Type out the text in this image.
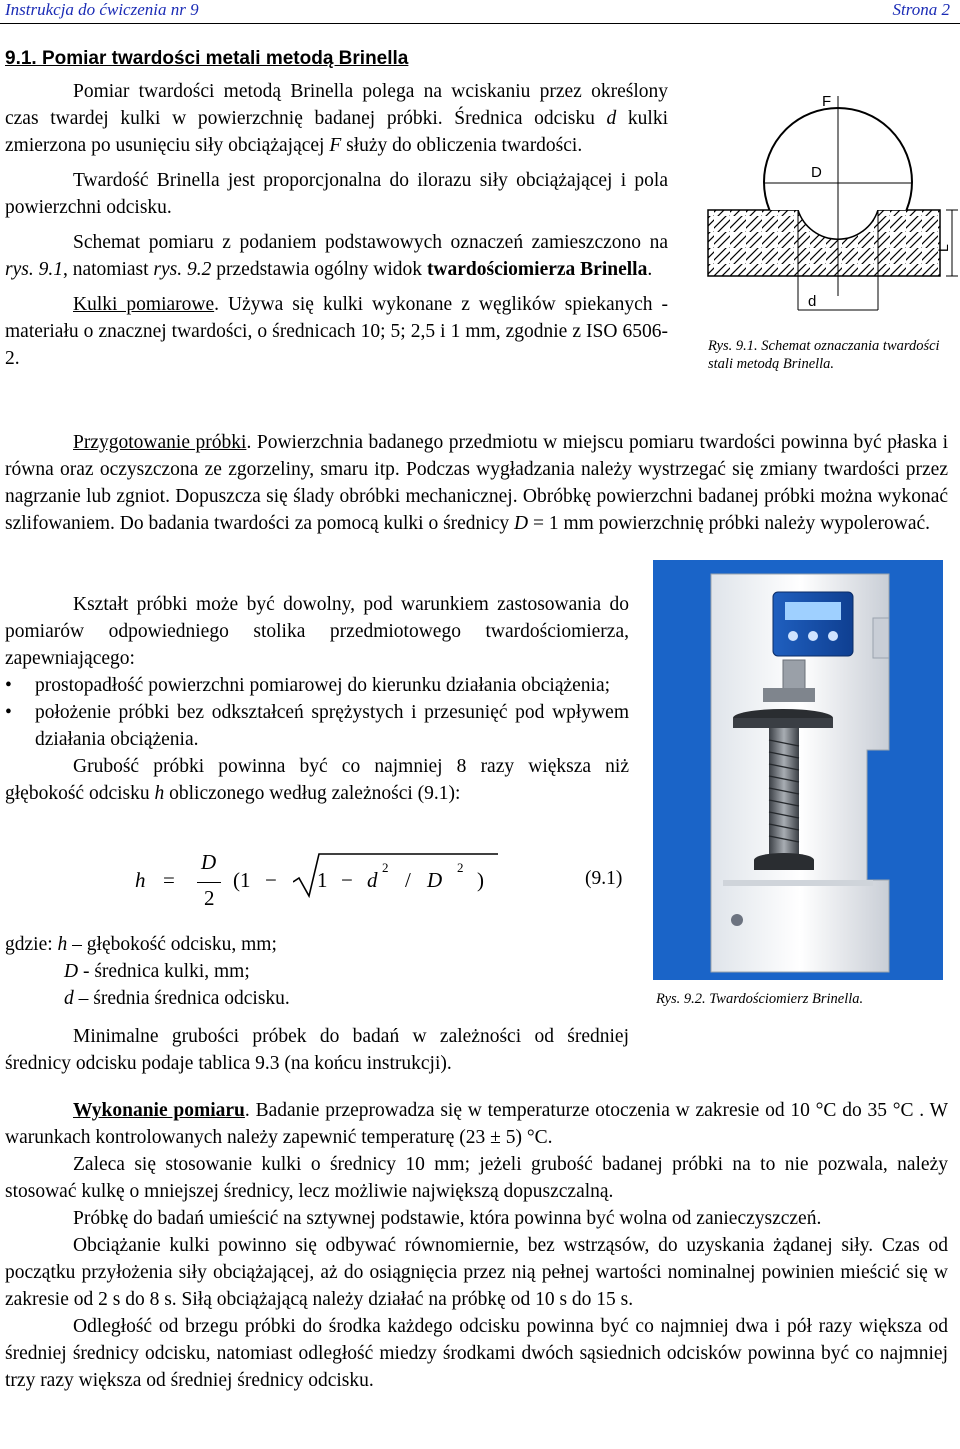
Instrukcja do ćwiczenia nr 9	Strona 2
9.1. Pomiar twardości metali metodą Brinella

Pomiar twardości metodą Brinella polega na wciskaniu przez określony czas twardej kulki w powierzchnię badanej próbki. Średnica odcisku d kulki zmierzona po usunięciu siły obciążającej F służy do obliczenia twardości.

Twardość Brinella jest proporcjonalna do ilorazu siły obciążającej i pola powierzchni odcisku.

Schemat pomiaru z podaniem podstawowych oznaczeń zamieszczono na rys. 9.1, natomiast rys. 9.2 przedstawia ogólny widok twardościomierza Brinella.

Kulki pomiarowe. Używa się kulki wykonane z węglików spiekanych - materiału o znacznej twardości, o średnicach 10; 5; 2,5 i 1 mm, zgodnie z ISO 6506-2.

D
F
L
d
Rys. 9.1. Schemat oznaczania twardości stali metodą Brinella.

Przygotowanie próbki. Powierzchnia badanego przedmiotu w miejscu pomiaru twardości powinna być płaska i równa oraz oczyszczona ze zgorzeliny, smaru itp. Podczas wygładzania należy wystrzegać się zmiany twardości przez nagrzanie lub zgniot. Dopuszcza się ślady obróbki mechanicznej. Obróbkę powierzchni badanej próbki można wykonać szlifowaniem. Do badania twardości za pomocą kulki o średnicy D = 1 mm powierzchnię próbki należy wypolerować.

Kształt próbki może być dowolny, pod warunkiem zastosowania do pomiarów odpowiedniego stolika przedmiotowego twardościomierza, zapewniającego:

• prostopadłość powierzchni pomiarowej do kierunku działania obciążenia;
• położenie próbki bez odkształceń sprężystych i przesunięć pod wpływem działania obciążenia.

Grubość próbki powinna być co najmniej 8 razy większa niż głębokość odcisku h obliczonego według zależności (9.1):

h =
D
2
(1 − 1 − d
2
/ D
2
)	(9.1)
gdzie: h – głębokość odcisku, mm;
D - średnica kulki, mm;
d – średnia średnica odcisku.

Minimalne grubości próbek do badań w zależności od średniej średnicy odcisku podaje tablica 9.3 (na końcu instrukcji).

Rys. 9.2. Twardościomierz Brinella.

Wykonanie pomiaru. Badanie przeprowadza się w temperaturze otoczenia w zakresie od 10 °C do 35 °C . W warunkach kontrolowanych należy zapewnić temperaturę (23 ± 5) °C.

Zaleca się stosowanie kulki o średnicy 10 mm; jeżeli grubość badanej próbki na to nie pozwala, należy stosować kulkę o mniejszej średnicy, lecz możliwie największą dopuszczalną.

Próbkę do badań umieścić na sztywnej podstawie, która powinna być wolna od zanieczyszczeń.

Obciążanie kulki powinno się odbywać równomiernie, bez wstrząsów, do uzyskania żądanej siły. Czas od początku przyłożenia siły obciążającej, aż do osiągnięcia przez nią pełnej wartości nominalnej powinien mieścić się w zakresie od 2 s do 8 s. Siłą obciążającą należy działać na próbkę od 10 s do 15 s.

Odległość od brzegu próbki do środka każdego odcisku powinna być co najmniej dwa i pół razy większa od średniej średnicy odcisku, natomiast odległość miedzy środkami dwóch sąsiednich odcisków powinna być co najmniej trzy razy większa od średniej średnicy odcisku.
